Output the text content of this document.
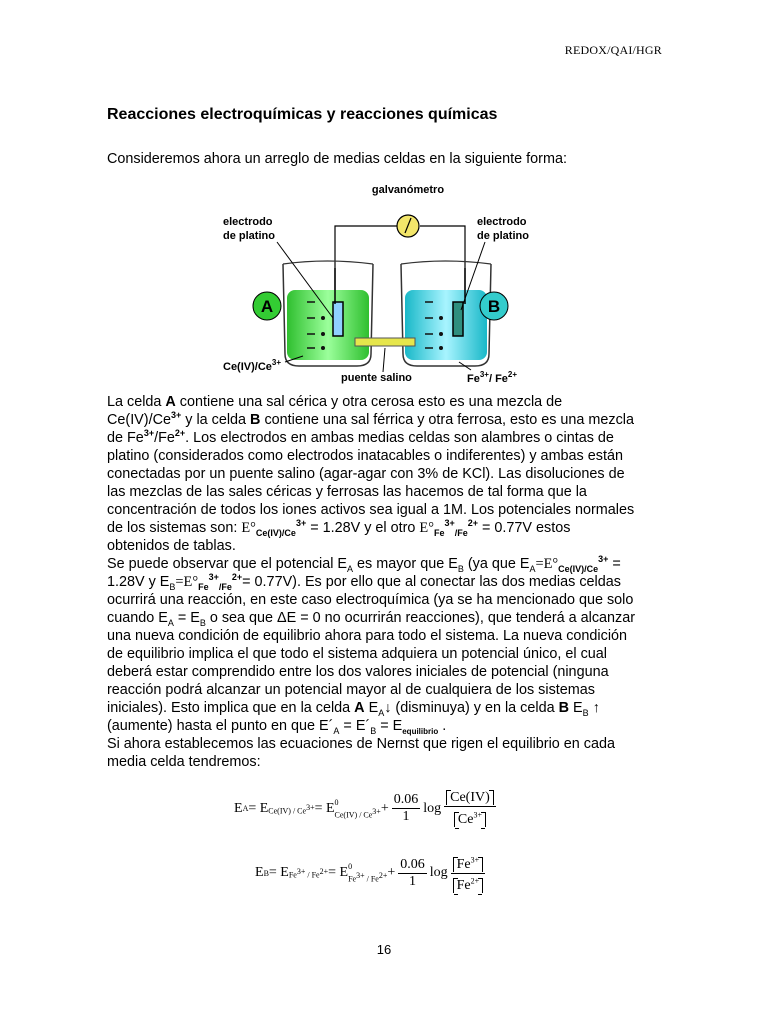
REDOX/QAI/HGR
Reacciones electroquímicas y reacciones químicas
Consideremos ahora un arreglo de medias celdas en la siguiente forma:
galvanómetro
A	B
electrodo
de platino
electrodo
de platino
$Ce(IV)/Ce^{3+}$
puente salino	$Fe^{3+}/$ $Fe^{2+}$

La celda A contiene una sal cérica y otra cerosa esto es una mezcla de
$Ce(IV)/Ce^{3+}$ y la celda B contiene una sal férrica y otra ferrosa, esto es una mezcla
de $Fe^{3+}/Fe^{2+}$. Los electrodos en ambas medias celdas son alambres o cintas de
platino (considerados como electrodos inatacables o indiferentes) y ambas están
conectadas por un puente salino (agar-agar con 3% de KCl). Las disoluciones de
las mezclas de las sales céricas y ferrosas las hacemos de tal forma que la
concentración de todos los iones activos sea igual a 1M. Los potenciales normales
de los sistemas son: $E^\circ_{Ce(IV)/Ce}^{3+} = 1.28V$ y el otro $E^\circ_{Fe}^{3+}_{/Fe}^{2+} = 0.77V$ estos
obtenidos de tablas.

Se puede observar que el potencial $E_A$ es mayor que $E_B$ (ya que $E_A=E^\circ_{Ce(IV)/Ce}^{3+}$ =
1.28V y $E_B=E^\circ_{Fe}^{3+}_{/Fe}^{2+}= 0.77V$). Es por ello que al conectar las dos medias celdas
ocurrirá una reacción, en este caso electroquímica (ya se ha mencionado que solo
cuando $E_A = E_B$ o sea que ΔE = 0 no ocurrirán reacciones), que tenderá a alcanzar
una nueva condición de equilibrio ahora para todo el sistema. La nueva condición
de equilibrio implica el que todo el sistema adquiera un potencial único, el cual
deberá estar comprendido entre los dos valores iniciales de potencial (ninguna
reacción podrá alcanzar un potencial mayor al de cualquiera de los sistemas
iniciales). Esto implica que en la celda A $E_A↓$ (disminuya) y en la celda B $E_B$ ↑
(aumente) hasta el punto en que $E´_A$ = $E´_B = E_{equilibrio}$ .

Si ahora establecemos las ecuaciones de Nernst que rigen el equilibrio en cada
media celda tendremos:

E A = E $Ce(IV) / Ce^{3+} = E$ 0
$Ce(IV) / Ce^{3+} + \frac{0.06}{1}$ $\log \frac{Ce(IV)}{Ce^{3+}}$
E B = E $Fe^{3+} / Fe^{2+} = E$ 0
$Fe^{3+} / Fe^{2+} + \frac{0.06}{1}$ $\log \frac{Fe^{3+}}{Fe^{2+}}$
16
